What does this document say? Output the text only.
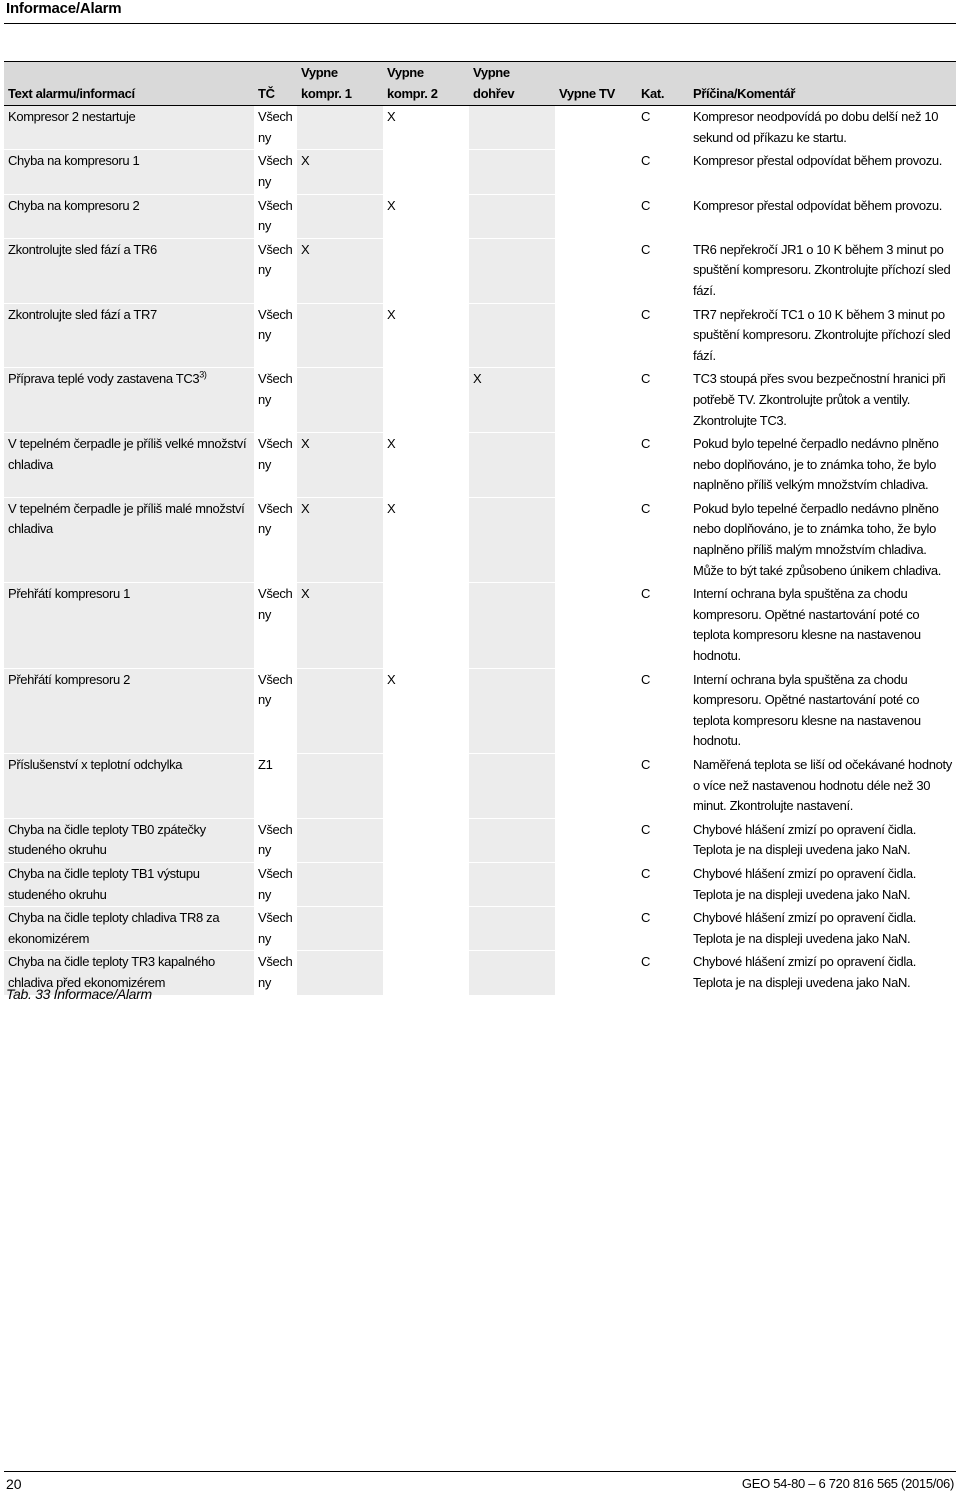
Informace/Alarm
Text alarmu/informací	TČ	Vypne kompr. 1	Vypne kompr. 2	Vypne dohřev	Vypne TV	Kat.	Příčina/Komentář
Kompresor 2 nestartuje	Všech ny		X			C	Kompresor neodpovídá po dobu delší než 10 sekund od příkazu ke startu.
Chyba na kompresoru 1	Všech ny	X				C	Kompresor přestal odpovídat během provozu.
Chyba na kompresoru 2	Všech ny		X			C	Kompresor přestal odpovídat během provozu.
Zkontrolujte sled fází a TR6	Všech ny	X				C	TR6 nepřekročí JR1 o 10 K během 3 minut po spuštění kompresoru. Zkontrolujte příchozí sled fází.
Zkontrolujte sled fází a TR7	Všech ny		X			C	TR7 nepřekročí TC1 o 10 K během 3 minut po spuštění kompresoru. Zkontrolujte příchozí sled fází.
Příprava teplé vody zastavena TC3$^{3)}$	Všech ny			X		C	TC3 stoupá přes svou bezpečnostní hranici při potřebě TV. Zkontrolujte průtok a ventily. Zkontrolujte TC3.
V tepelném čerpadle je příliš velké množství chladiva	Všech ny	X	X			C	Pokud bylo tepelné čerpadlo nedávno plněno nebo doplňováno, je to známka toho, že bylo naplněno příliš velkým množstvím chladiva.
V tepelném čerpadle je příliš malé množství chladiva	Všech ny	X	X			C	Pokud bylo tepelné čerpadlo nedávno plněno nebo doplňováno, je to známka toho, že bylo naplněno příliš malým množstvím chladiva. Může to být také způsobeno únikem chladiva.
Přehřátí kompresoru 1	Všech ny	X				C	Interní ochrana byla spuštěna za chodu kompresoru. Opětné nastartování poté co teplota kompresoru klesne na nastavenou hodnotu.
Přehřátí kompresoru 2	Všech ny		X			C	Interní ochrana byla spuštěna za chodu kompresoru. Opětné nastartování poté co teplota kompresoru klesne na nastavenou hodnotu.
Příslušenství x teplotní odchylka	Z1					C	Naměřená teplota se liší od očekávané hodnoty o více než nastavenou hodnotu déle než 30 minut. Zkontrolujte nastavení.
Chyba na čidle teploty TB0 zpátečky studeného okruhu	Všech ny					C	Chybové hlášení zmizí po opravení čidla. Teplota je na displeji uvedena jako NaN.
Chyba na čidle teploty TB1 výstupu studeného okruhu	Všech ny					C	Chybové hlášení zmizí po opravení čidla. Teplota je na displeji uvedena jako NaN.
Chyba na čidle teploty chladiva TR8 za ekonomizérem	Všech ny					C	Chybové hlášení zmizí po opravení čidla. Teplota je na displeji uvedena jako NaN.
Chyba na čidle teploty TR3 kapalného chladiva před ekonomizérem	Všech ny					C	Chybové hlášení zmizí po opravení čidla. Teplota je na displeji uvedena jako NaN.
Tab. 33 Informace/Alarm
20	GEO 54-80 – 6 720 816 565 (2015/06)
